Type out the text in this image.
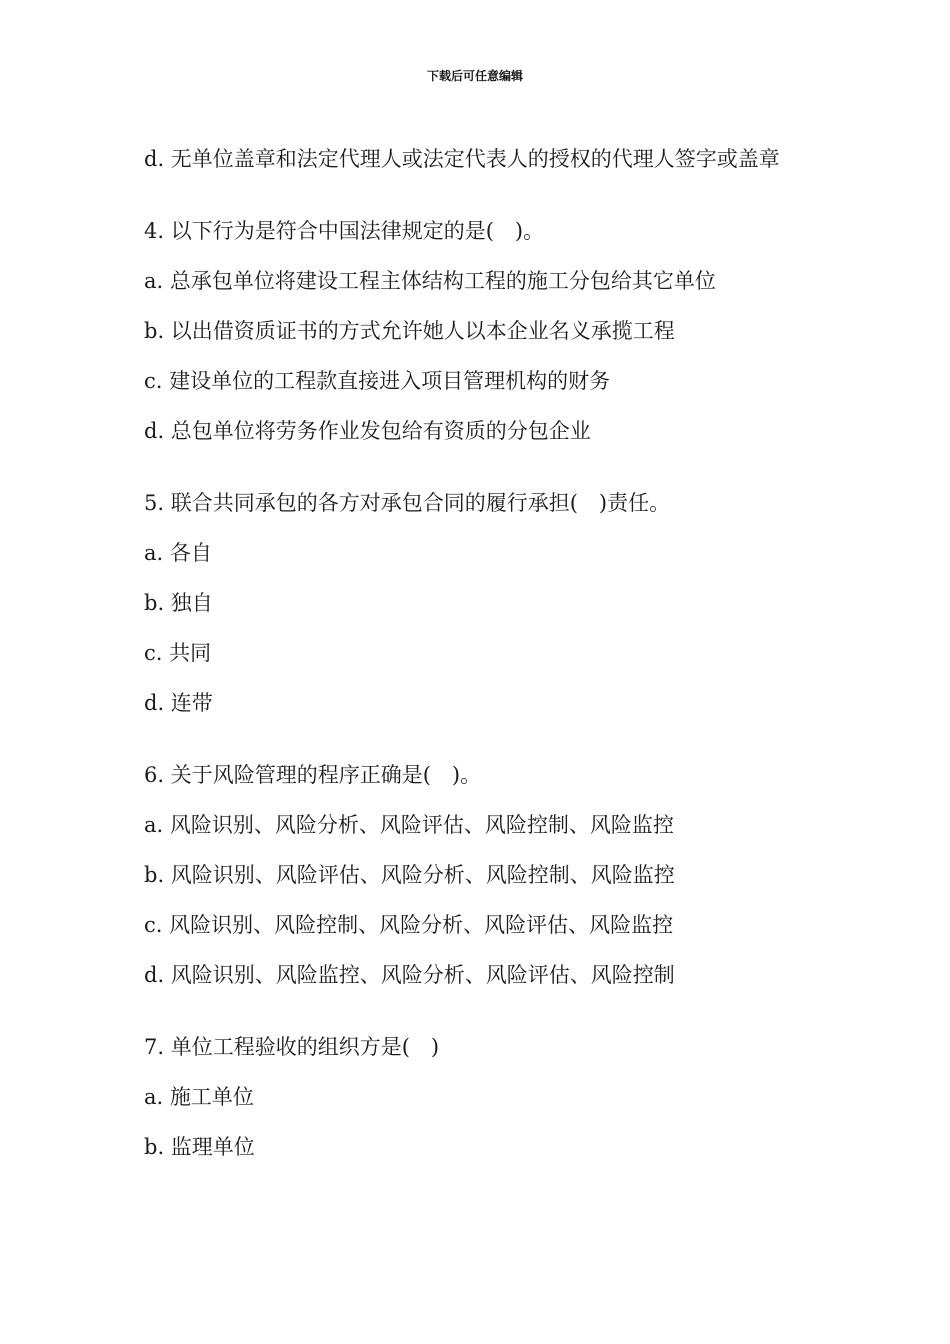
下载后可任意编辑

d. 无单位盖章和法定代理人或法定代表人的授权的代理人签字或盖章

4. 以下行为是符合中国法律规定的是(　)。

a. 总承包单位将建设工程主体结构工程的施工分包给其它单位

b. 以出借资质证书的方式允许她人以本企业名义承揽工程

c. 建设单位的工程款直接进入项目管理机构的财务

d. 总包单位将劳务作业发包给有资质的分包企业

5. 联合共同承包的各方对承包合同的履行承担(　)责任。

a. 各自

b. 独自

c. 共同

d. 连带

6. 关于风险管理的程序正确是(　)。

a. 风险识别、风险分析、风险评估、风险控制、风险监控

b. 风险识别、风险评估、风险分析、风险控制、风险监控

c. 风险识别、风险控制、风险分析、风险评估、风险监控

d. 风险识别、风险监控、风险分析、风险评估、风险控制

7. 单位工程验收的组织方是(　)

a. 施工单位

b. 监理单位
